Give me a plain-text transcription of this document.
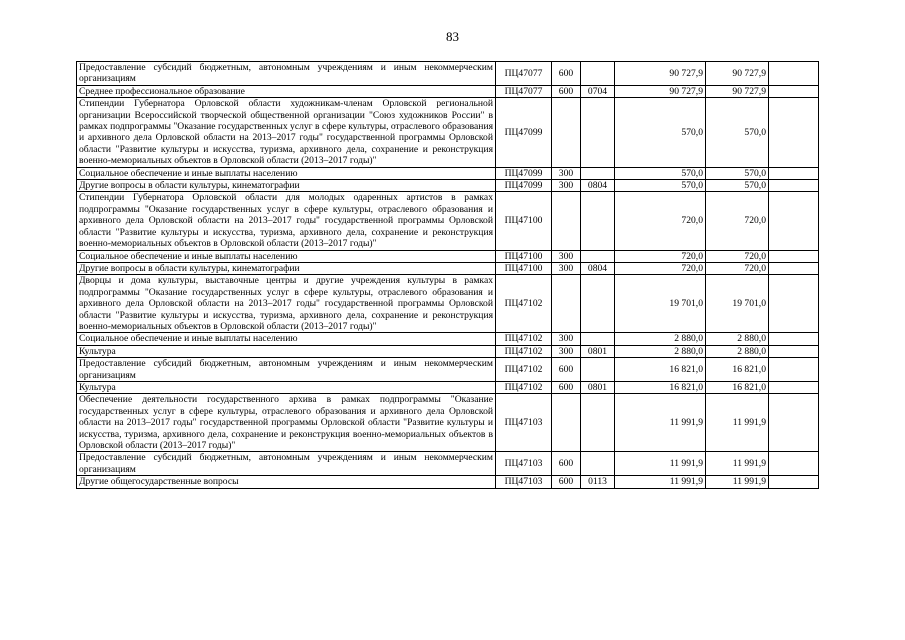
83
Предоставление субсидий бюджетным, автономным учреждениям и иным некоммерческим организациям	ПЦ47077	600		90 727,9	90 727,9	
Среднее профессиональное образование	ПЦ47077	600	0704	90 727,9	90 727,9	
Стипендии Губернатора Орловской области художникам-членам Орловской региональной организации Всероссийской творческой общественной организации "Союз художников России" в рамках подпрограммы "Оказание государственных услуг в сфере культуры, отраслевого образования и архивного дела Орловской области на 2013–2017 годы" государственной программы Орловской области "Развитие культуры и искусства, туризма, архивного дела, сохранение и реконструкция военно-мемориальных объектов в Орловской области (2013–2017 годы)"	ПЦ47099			570,0	570,0	
Социальное обеспечение и иные выплаты населению	ПЦ47099	300		570,0	570,0	
Другие вопросы в области культуры, кинематографии	ПЦ47099	300	0804	570,0	570,0	
Стипендии Губернатора Орловской области для молодых одаренных артистов в рамках подпрограммы "Оказание государственных услуг в сфере культуры, отраслевого образования и архивного дела Орловской области на 2013–2017 годы" государственной программы Орловской области "Развитие культуры и искусства, туризма, архивного дела, сохранение и реконструкция военно-мемориальных объектов в Орловской области (2013–2017 годы)"	ПЦ47100			720,0	720,0	
Социальное обеспечение и иные выплаты населению	ПЦ47100	300		720,0	720,0	
Другие вопросы в области культуры, кинематографии	ПЦ47100	300	0804	720,0	720,0	
Дворцы и дома культуры, выставочные центры и другие учреждения культуры в рамках подпрограммы "Оказание государственных услуг в сфере культуры, отраслевого образования и архивного дела Орловской области на 2013–2017 годы" государственной программы Орловской области "Развитие культуры и искусства, туризма, архивного дела, сохранение и реконструкция военно-мемориальных объектов в Орловской области (2013–2017 годы)"	ПЦ47102			19 701,0	19 701,0	
Социальное обеспечение и иные выплаты населению	ПЦ47102	300		2 880,0	2 880,0	
Культура	ПЦ47102	300	0801	2 880,0	2 880,0	
Предоставление субсидий бюджетным, автономным учреждениям и иным некоммерческим организациям	ПЦ47102	600		16 821,0	16 821,0	
Культура	ПЦ47102	600	0801	16 821,0	16 821,0	
Обеспечение деятельности государственного архива в рамках подпрограммы "Оказание государственных услуг в сфере культуры, отраслевого образования и архивного дела Орловской области на 2013–2017 годы" государственной программы Орловской области "Развитие культуры и искусства, туризма, архивного дела, сохранение и реконструкция военно-мемориальных объектов в Орловской области (2013–2017 годы)"	ПЦ47103			11 991,9	11 991,9	
Предоставление субсидий бюджетным, автономным учреждениям и иным некоммерческим организациям	ПЦ47103	600		11 991,9	11 991,9	
Другие общегосударственные вопросы	ПЦ47103	600	0113	11 991,9	11 991,9	
